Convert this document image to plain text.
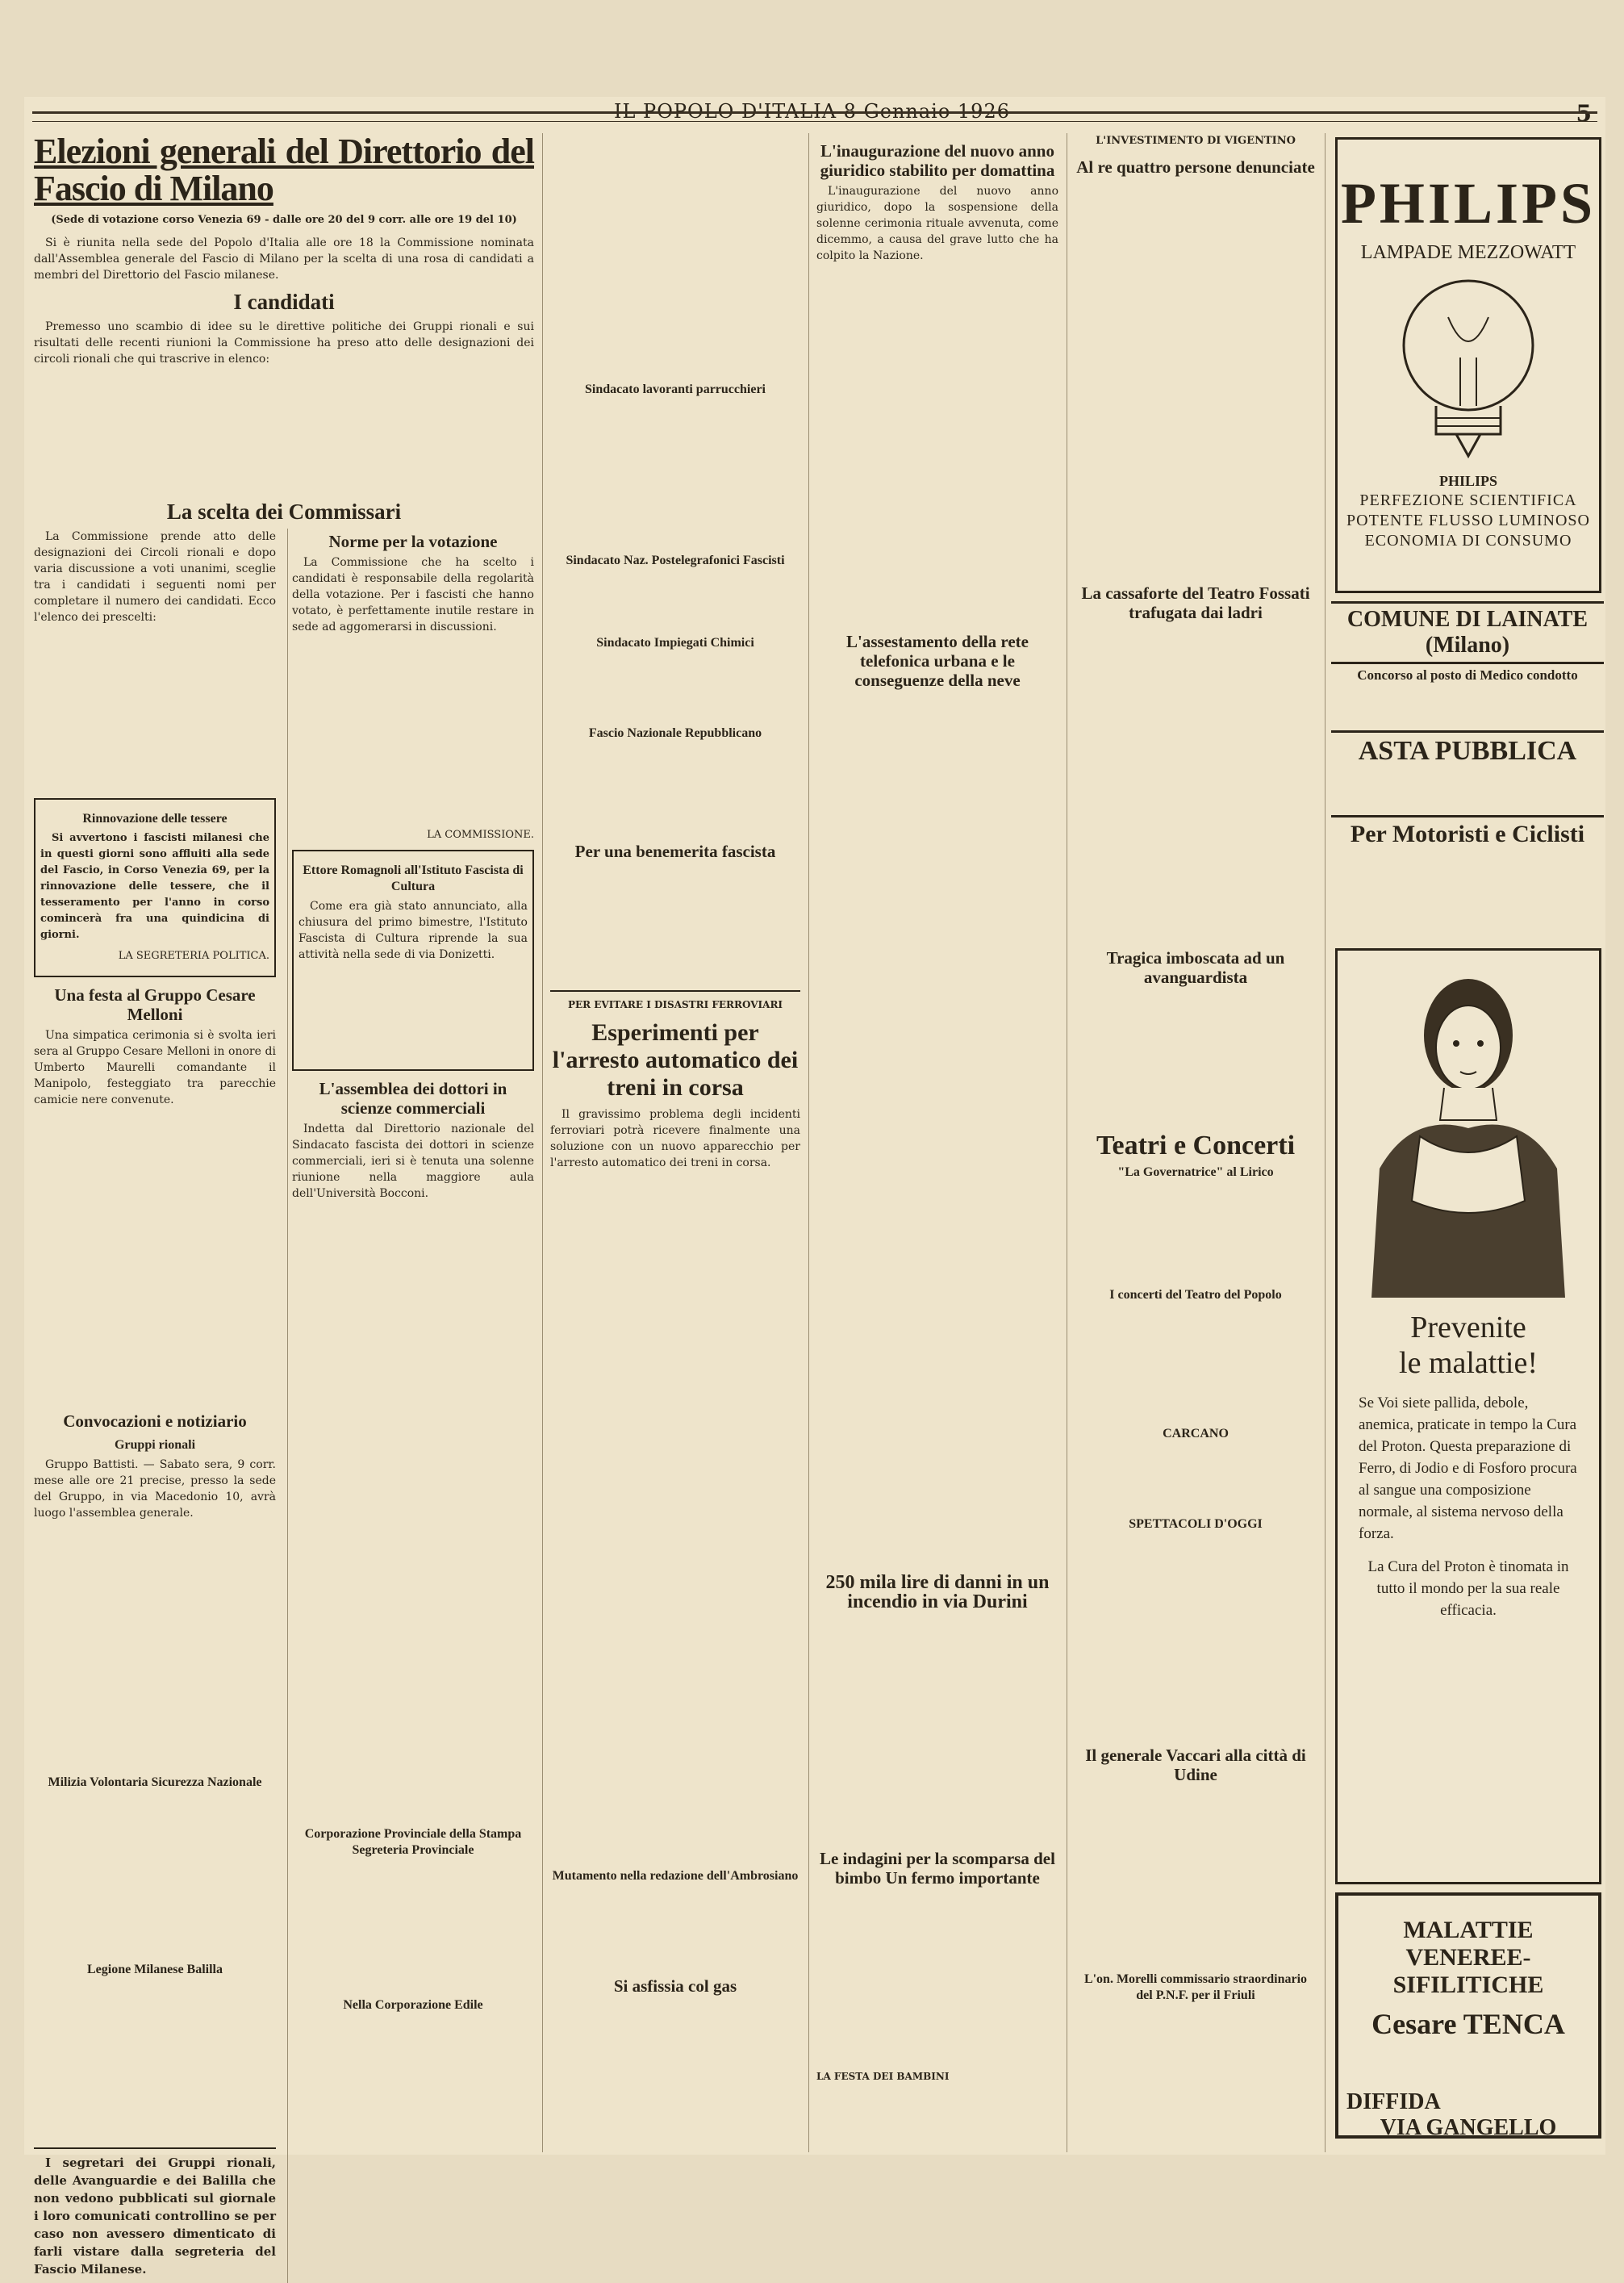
IL POPOLO D'ITALIA 8 Gennaio 1926	5
Elezioni generali del Direttorio del Fascio di Milano
(Sede di votazione corso Venezia 69 - dalle ore 20 del 9 corr. alle ore 19 del 10)

Si è riunita nella sede del Popolo d'Italia alle ore 18 la Commissione nominata dall'Assemblea generale del Fascio di Milano per la scelta di una rosa di candidati a membri del Direttorio del Fascio milanese.

I candidati

Premesso uno scambio di idee su le direttive politiche dei Gruppi rionali e sui risultati delle recenti riunioni la Commissione ha preso atto delle designazioni dei circoli rionali che qui trascrive in elenco:

La scelta dei Commissari

La Commissione prende atto delle designazioni dei Circoli rionali e dopo varia discussione a voti unanimi, sceglie tra i candidati i seguenti nomi per completare il numero dei candidati. Ecco l'elenco dei prescelti:

Rinnovazione delle tessere

Si avvertono i fascisti milanesi che in questi giorni sono affluiti alla sede del Fascio, in Corso Venezia 69, per la rinnovazione delle tessere, che il tesseramento per l'anno in corso comincerà fra una quindicina di giorni.

LA SEGRETERIA POLITICA.
Una festa al Gruppo Cesare Melloni

Una simpatica cerimonia si è svolta ieri sera al Gruppo Cesare Melloni in onore di Umberto Maurelli comandante il Manipolo, festeggiato tra parecchie camicie nere convenute.

Convocazioni e notiziario
Gruppi rionali

Gruppo Battisti. — Sabato sera, 9 corr. mese alle ore 21 precise, presso la sede del Gruppo, in via Macedonio 10, avrà luogo l'assemblea generale.

Milizia Volontaria Sicurezza Nazionale
Legione Milanese Balilla

I segretari dei Gruppi rionali, delle Avanguardie e dei Balilla che non vedono pubblicati sul giornale i loro comunicati controllino se per caso non avessero dimenticato di farli vistare dalla segreteria del Fascio Milanese.

Norme per la votazione

La Commissione che ha scelto i candidati è responsabile della regolarità della votazione. Per i fascisti che hanno votato, è perfettamente inutile restare in sede ad aggomerarsi in discussioni.

LA COMMISSIONE.
Ettore Romagnoli all'Istituto Fascista di Cultura

Come era già stato annunciato, alla chiusura del primo bimestre, l'Istituto Fascista di Cultura riprende la sua attività nella sede di via Donizetti.

L'assemblea dei dottori in scienze commerciali

Indetta dal Direttorio nazionale del Sindacato fascista dei dottori in scienze commerciali, ieri si è tenuta una solenne riunione nella maggiore aula dell'Università Bocconi.

Corporazione Provinciale della Stampa Segreteria Provinciale
Nella Corporazione Edile
Sindacato lavoranti parrucchieri
Sindacato Naz. Postelegrafonici Fascisti
Sindacato Impiegati Chimici
Fascio Nazionale Repubblicano
Per una benemerita fascista
PER EVITARE I DISASTRI FERROVIARI
Esperimenti per l'arresto automatico dei treni in corsa

Il gravissimo problema degli incidenti ferroviari potrà ricevere finalmente una soluzione con un nuovo apparecchio per l'arresto automatico dei treni in corsa.

Mutamento nella redazione dell'Ambrosiano
Si asfissia col gas
L'inaugurazione del nuovo anno giuridico stabilito per domattina

L'inaugurazione del nuovo anno giuridico, dopo la sospensione della solenne cerimonia rituale avvenuta, come dicemmo, a causa del grave lutto che ha colpito la Nazione.

L'assestamento della rete telefonica urbana e le conseguenze della neve
250 mila lire di danni in un incendio in via Durini
Le indagini per la scomparsa del bimbo Un fermo importante
LA FESTA DEI BAMBINI
L'INVESTIMENTO DI VIGENTINO
Al re quattro persone denunciate
La cassaforte del Teatro Fossati trafugata dai ladri
Tragica imboscata ad un avanguardista
Teatri e Concerti
"La Governatrice" al Lirico
I concerti del Teatro del Popolo
CARCANO
SPETTACOLI D'OGGI
Il generale Vaccari alla città di Udine
L'on. Morelli commissario straordinario del P.N.F. per il Friuli
PHILIPS
LAMPADE MEZZOWATT
PHILIPS
PERFEZIONE SCIENTIFICA
POTENTE FLUSSO LUMINOSO
ECONOMIA DI CONSUMO
COMUNE DI LAINATE (Milano)
Concorso al posto di Medico condotto
ASTA PUBBLICA
Per Motoristi e Ciclisti
Prevenite
le malattie!
Se Voi siete pallida, debole, anemica, praticate in tempo la Cura del Proton. Questa preparazione di Ferro, di Jodio e di Fosforo procura al sangue una composizione normale, al sistema nervoso della forza.
La Cura del Proton è tinomata in tutto il mondo per la sua reale efficacia.
MALATTIE VENEREE-SIFILITICHE
Cesare TENCA
DIFFIDA
VIA GANGELLO
